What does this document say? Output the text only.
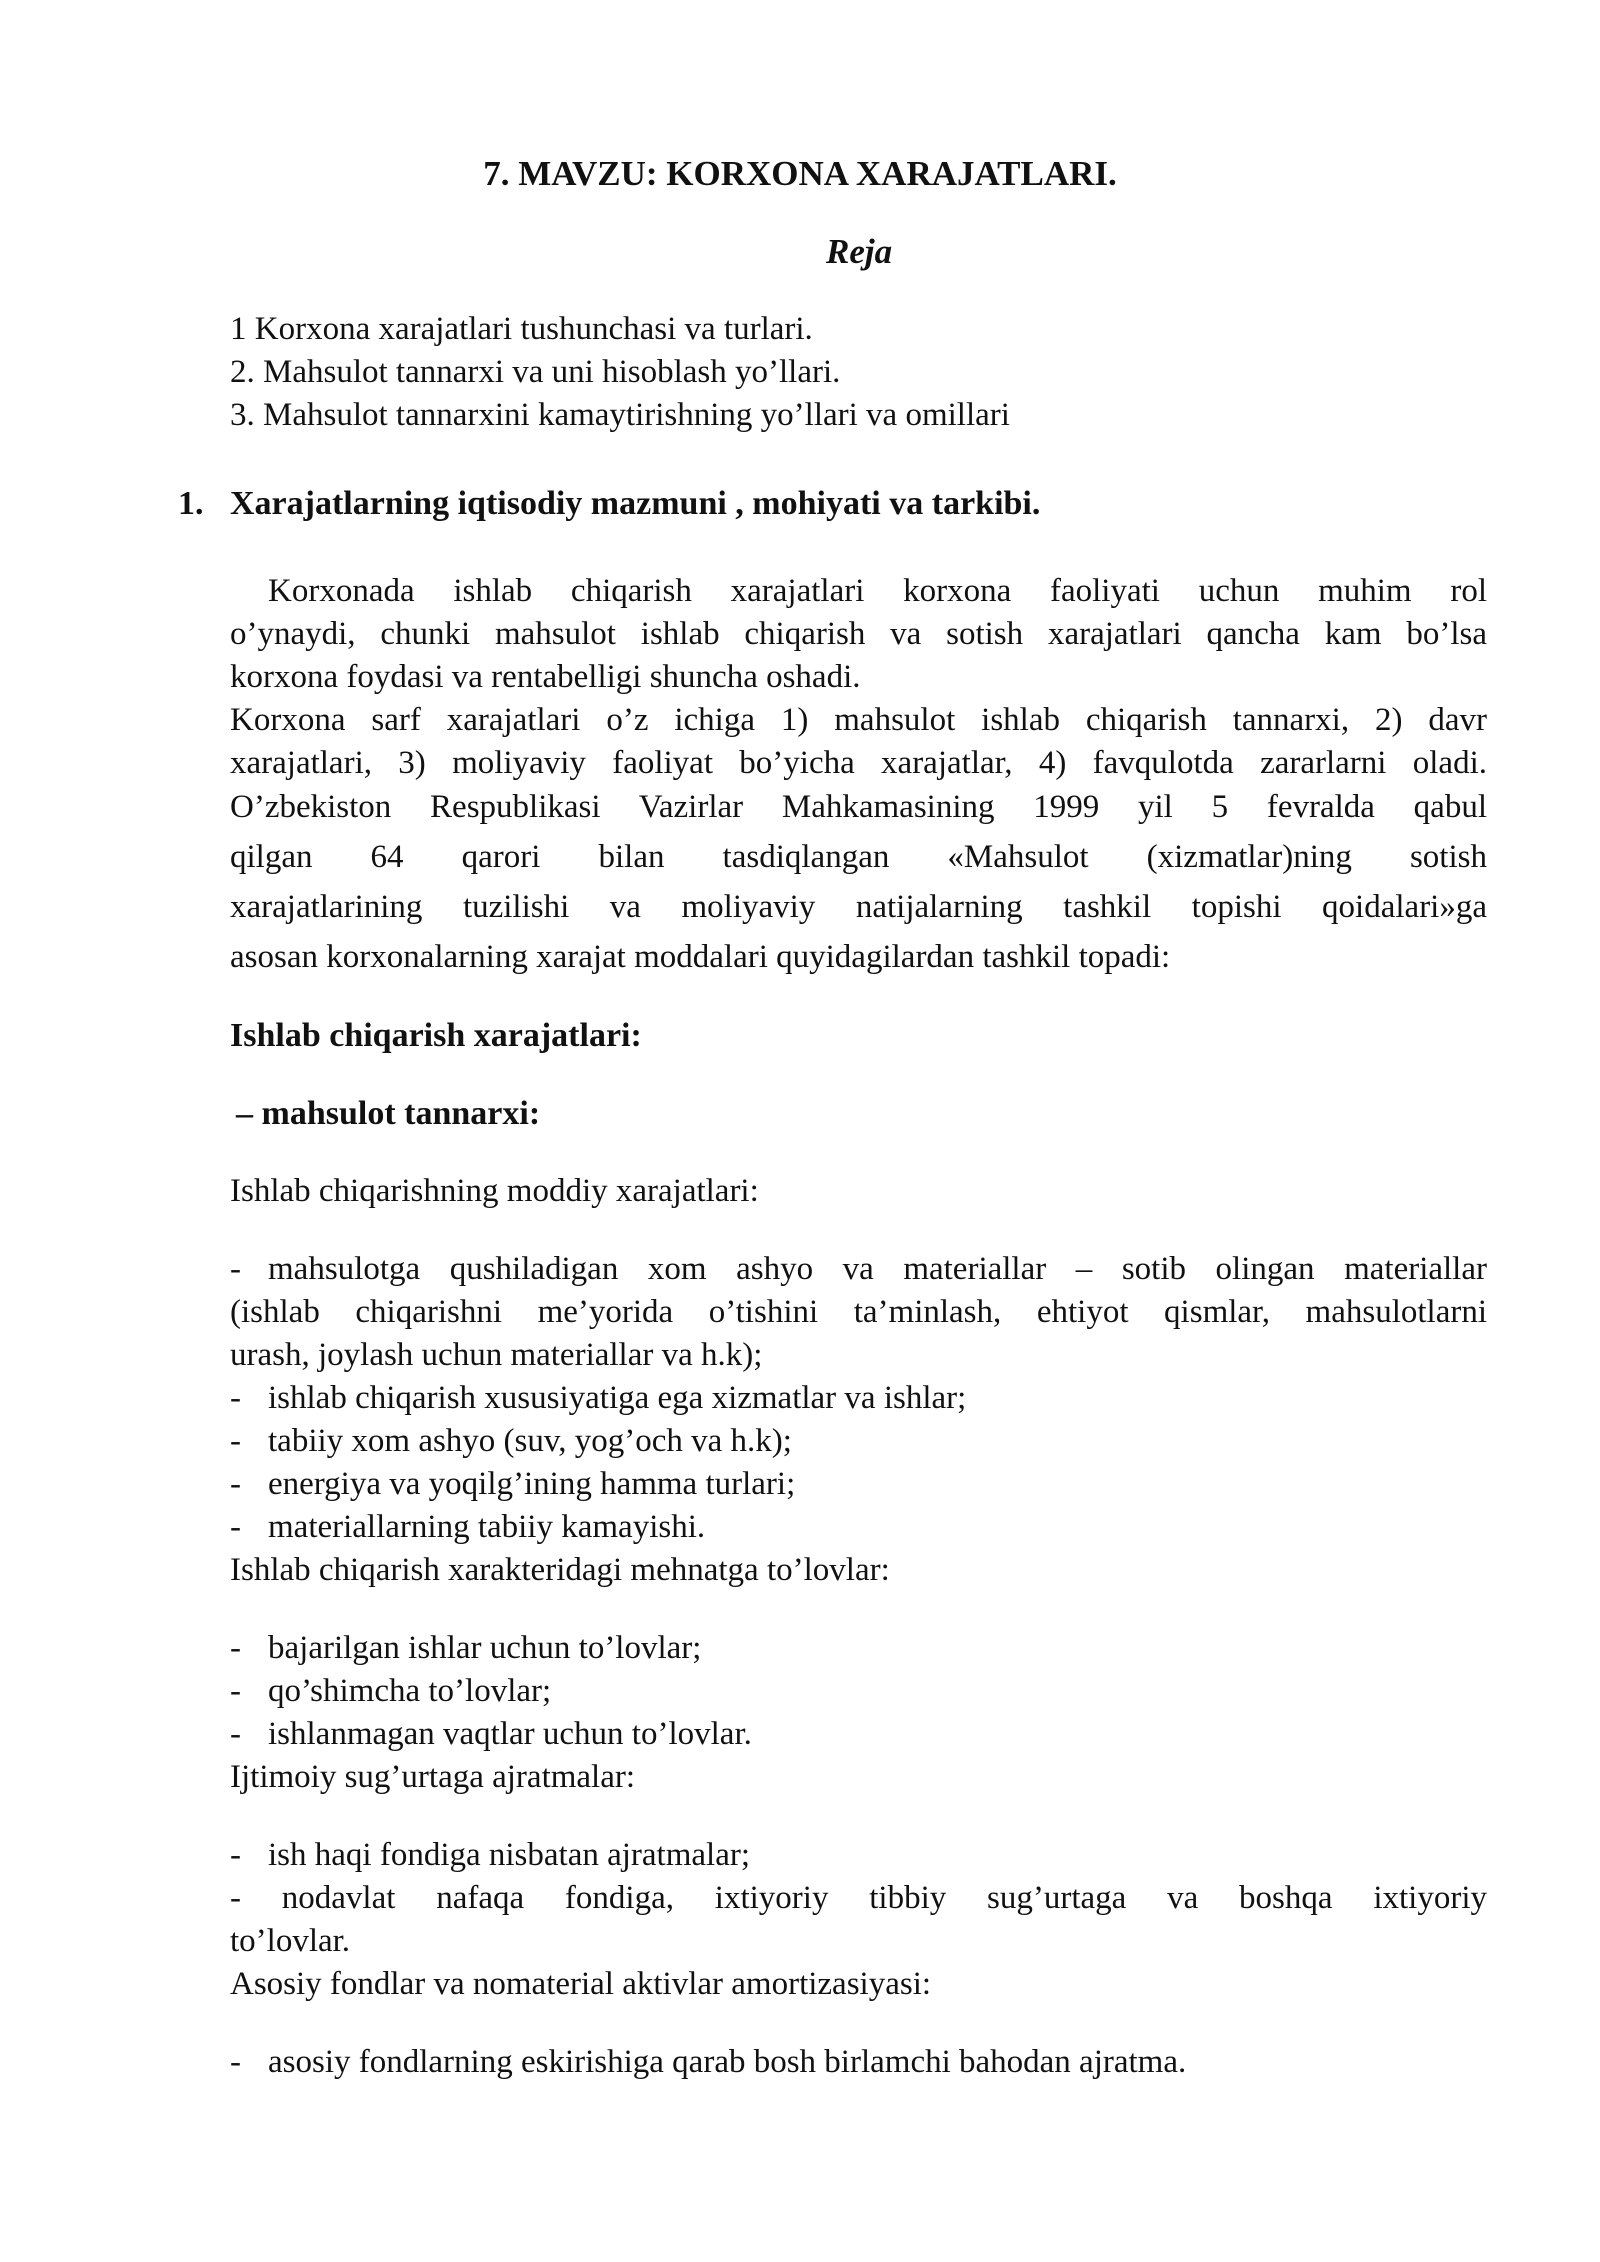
7. MAVZU: KORXONA XARAJATLARI.
Reja
1 Korxona xarajatlari tushunchasi va turlari.
2. Mahsulot tannarxi va uni hisoblash yo’llari.
3. Mahsulot tannarxini kamaytirishning yo’llari va omillari
1. Xarajatlarning iqtisodiy mazmuni , mohiyati va tarkibi.
Korxonada ishlab chiqarish xarajatlari korxona faoliyati uchun muhim rol
o’ynaydi, chunki mahsulot ishlab chiqarish va sotish xarajatlari qancha kam bo’lsa
korxona foydasi va rentabelligi shuncha oshadi.
Korxona sarf xarajatlari o’z ichiga 1) mahsulot ishlab chiqarish tannarxi, 2) davr
xarajatlari, 3) moliyaviy faoliyat bo’yicha xarajatlar, 4) favqulotda zararlarni oladi.
O’zbekiston Respublikasi Vazirlar Mahkamasining 1999 yil 5 fevralda qabul
qilgan 64 qarori bilan tasdiqlangan «Mahsulot (xizmatlar)ning sotish
xarajatlarining tuzilishi va moliyaviy natijalarning tashkil topishi qoidalari»ga
asosan korxonalarning xarajat moddalari quyidagilardan tashkil topadi:
Ishlab chiqarish xarajatlari:
– mahsulot tannarxi:
Ishlab chiqarishning moddiy xarajatlari:
- mahsulotga qushiladigan xom ashyo va materiallar – sotib olingan materiallar
(ishlab chiqarishni me’yorida o’tishini ta’minlash, ehtiyot qismlar, mahsulotlarni
urash, joylash uchun materiallar va h.k);
- ishlab chiqarish xususiyatiga ega xizmatlar va ishlar;
- tabiiy xom ashyo (suv, yog’och va h.k);
- energiya va yoqilg’ining hamma turlari;
- materiallarning tabiiy kamayishi.
Ishlab chiqarish xarakteridagi mehnatga to’lovlar:
- bajarilgan ishlar uchun to’lovlar;
- qo’shimcha to’lovlar;
- ishlanmagan vaqtlar uchun to’lovlar.
Ijtimoiy sug’urtaga ajratmalar:
- ish haqi fondiga nisbatan ajratmalar;
- nodavlat nafaqa fondiga, ixtiyoriy tibbiy sug’urtaga va boshqa ixtiyoriy
to’lovlar.
Asosiy fondlar va nomaterial aktivlar amortizasiyasi:
- asosiy fondlarning eskirishiga qarab bosh birlamchi bahodan ajratma.
